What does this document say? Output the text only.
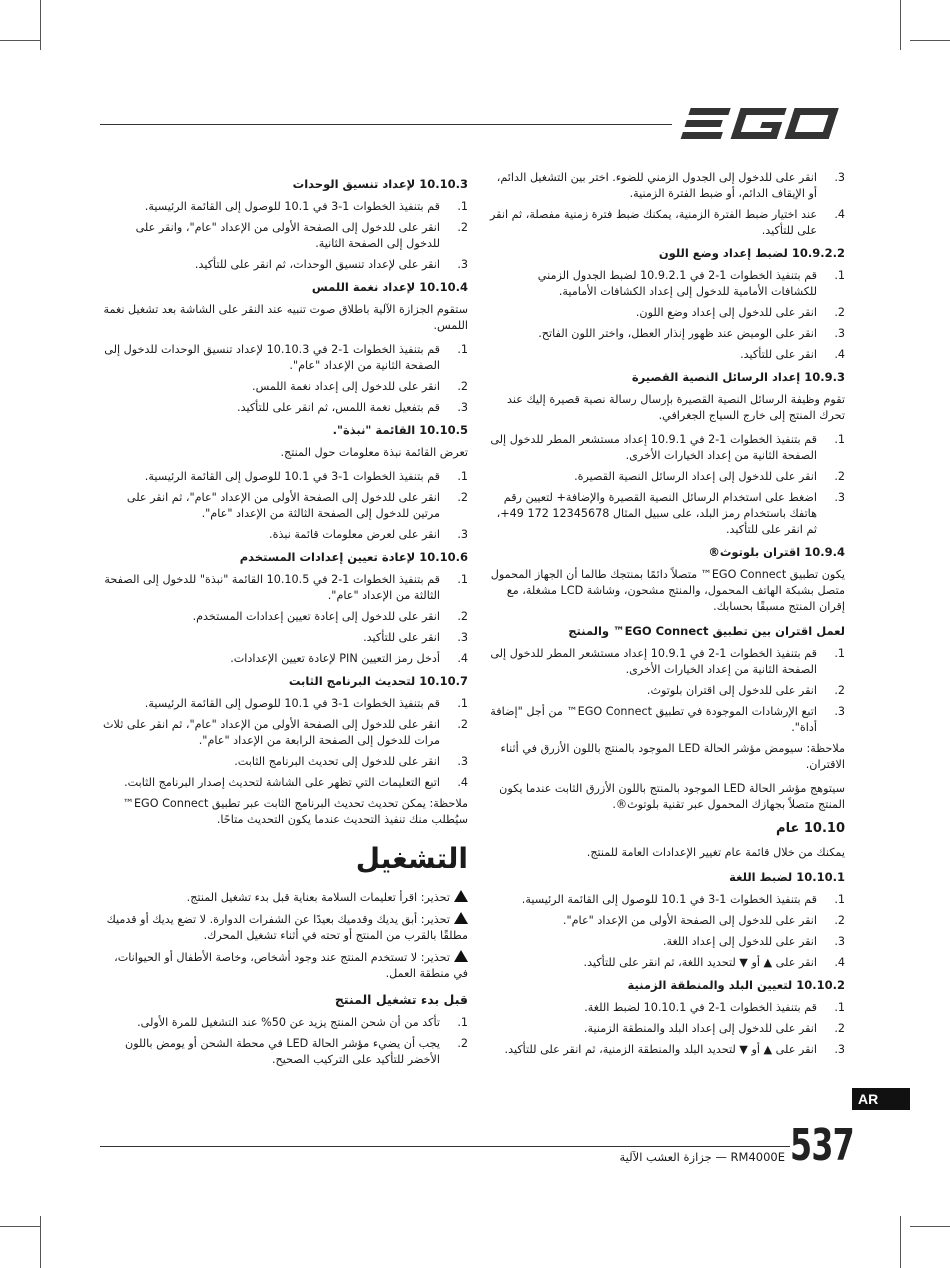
3.
انقر على للدخول إلى الجدول الزمني للضوء. اختر بين التشغيل الدائم، أو الإيقاف الدائم، أو ضبط الفترة الزمنية.
4.
عند اختيار ضبط الفترة الزمنية، يمكنك ضبط فترة زمنية مفصلة، ثم انقر على للتأكيد.
10.9.2.2 لضبط إعداد وضع اللون
1.
قم بتنفيذ الخطوات 1-2 في 10.9.2.1 لضبط الجدول الزمني للكشافات الأمامية للدخول إلى إعداد الكشافات الأمامية.
2.
انقر على للدخول إلى إعداد وضع اللون.
3.
انقر على الوميض عند ظهور إنذار العطل، واختر اللون الفاتح.
4.
انقر على للتأكيد.
10.9.3 إعداد الرسائل النصية القصيرة
تقوم وظيفة الرسائل النصية القصيرة بإرسال رسالة نصية قصيرة إليك عند تحرك المنتج إلى خارج السياج الجغرافي.
1.
قم بتنفيذ الخطوات 1-2 في 10.9.1 إعداد مستشعر المطر للدخول إلى الصفحة الثانية من إعداد الخيارات الأخرى.
2.
انقر على للدخول إلى إعداد الرسائل النصية القصيرة.
3.
اضغط على استخدام الرسائل النصية القصيرة والإضافة+ لتعيين رقم هاتفك باستخدام رمز البلد، على سبيل المثال 12345678 172 49+، ثم انقر على للتأكيد.
10.9.4 اقتران بلوتوث®
يكون تطبيق EGO Connect™ متصلاً دائمًا بمنتجك طالما أن الجهاز المحمول متصل بشبكة الهاتف المحمول، والمنتج مشحون، وشاشة LCD مشغلة، مع إقران المنتج مسبقًا بحسابك.
لعمل اقتران بين تطبيق EGO Connect™ والمنتج
1.
قم بتنفيذ الخطوات 1-2 في 10.9.1 إعداد مستشعر المطر للدخول إلى الصفحة الثانية من إعداد الخيارات الأخرى.
2.
انقر على للدخول إلى اقتران بلوتوث.
3.
اتبع الإرشادات الموجودة في تطبيق EGO Connect™ من أجل "إضافة أداة".
ملاحظة: سيومض مؤشر الحالة LED الموجود بالمنتج باللون الأزرق في أثناء الاقتران.
سيتوهج مؤشر الحالة LED الموجود بالمنتج باللون الأزرق الثابت عندما يكون المنتج متصلاً بجهازك المحمول عبر تقنية بلوتوث®.
10.10 عام
يمكنك من خلال قائمة عام تغيير الإعدادات العامة للمنتج.
10.10.1 لضبط اللغة
1.
قم بتنفيذ الخطوات 1-3 في 10.1 للوصول إلى القائمة الرئيسية.
2.
انقر على للدخول إلى الصفحة الأولى من الإعداد "عام".
3.
انقر على للدخول إلى إعداد اللغة.
4.
انقر على ▲ أو ▼ لتحديد اللغة، ثم انقر على للتأكيد.
10.10.2 لتعيين البلد والمنطقة الزمنية
1.
قم بتنفيذ الخطوات 1-2 في 10.10.1 لضبط اللغة.
2.
انقر على للدخول إلى إعداد البلد والمنطقة الزمنية.
3.
انقر على ▲ أو ▼ لتحديد البلد والمنطقة الزمنية، ثم انقر على للتأكيد.
10.10.3 لإعداد تنسيق الوحدات
1.
قم بتنفيذ الخطوات 1-3 في 10.1 للوصول إلى القائمة الرئيسية.
2.
انقر على للدخول إلى الصفحة الأولى من الإعداد "عام"، وانقر على للدخول إلى الصفحة الثانية.
3.
انقر على لإعداد تنسيق الوحدات، ثم انقر على للتأكيد.
10.10.4 لإعداد نغمة اللمس
ستقوم الجزازة الآلية باطلاق صوت تنبيه عند النقر على الشاشة بعد تشغيل نغمة اللمس.
1.
قم بتنفيذ الخطوات 1-2 في 10.10.3 لإعداد تنسيق الوحدات للدخول إلى الصفحة الثانية من الإعداد "عام".
2.
انقر على للدخول إلى إعداد نغمة اللمس.
3.
قم بتفعيل نغمة اللمس، ثم انقر على للتأكيد.
10.10.5 القائمة "نبذة".
تعرض القائمة نبذة معلومات حول المنتج.
1.
قم بتنفيذ الخطوات 1-3 في 10.1 للوصول إلى القائمة الرئيسية.
2.
انقر على للدخول إلى الصفحة الأولى من الإعداد "عام"، ثم انقر على مرتين للدخول إلى الصفحة الثالثة من الإعداد "عام".
3.
انقر على لعرض معلومات قائمة نبذة.
10.10.6 لإعادة تعيين إعدادات المستخدم
1.
قم بتنفيذ الخطوات 1-2 في 10.10.5 القائمة "نبذة" للدخول إلى الصفحة الثالثة من الإعداد "عام".
2.
انقر على للدخول إلى إعادة تعيين إعدادات المستخدم.
3.
انقر على للتأكيد.
4.
أدخل رمز التعيين PIN لإعادة تعيين الإعدادات.
10.10.7 لتحديث البرنامج الثابت
1.
قم بتنفيذ الخطوات 1-3 في 10.1 للوصول إلى القائمة الرئيسية.
2.
انقر على للدخول إلى الصفحة الأولى من الإعداد "عام"، ثم انقر على ثلاث مرات للدخول إلى الصفحة الرابعة من الإعداد "عام".
3.
انقر على للدخول إلى تحديث البرنامج الثابت.
4.
اتبع التعليمات التي تظهر على الشاشة لتحديث إصدار البرنامج الثابت.
ملاحظة: يمكن تحديث تحديث البرنامج الثابت عبر تطبيق EGO Connect™ سيُطلب منك تنفيذ التحديث عندما يكون التحديث متاحًا.
التشغيل
تحذير: اقرأ تعليمات السلامة بعناية قبل بدء تشغيل المنتج.
تحذير: أبق يديك وقدميك بعيدًا عن الشفرات الدوارة. لا تضع يديك أو قدميك مطلقًا بالقرب من المنتج أو تحته في أثناء تشغيل المحرك.
تحذير: لا تستخدم المنتج عند وجود أشخاص، وخاصة الأطفال أو الحيوانات، في منطقة العمل.
قبل بدء تشغيل المنتج
1.
تأكد من أن شحن المنتج يزيد عن 50% عند التشغيل للمرة الأولى.
2.
يجب أن يضيء مؤشر الحالة LED في محطة الشحن أو يومض باللون الأخضر للتأكيد على التركيب الصحيح.
AR
RM4000E — جزازة العشب الآلية 537
